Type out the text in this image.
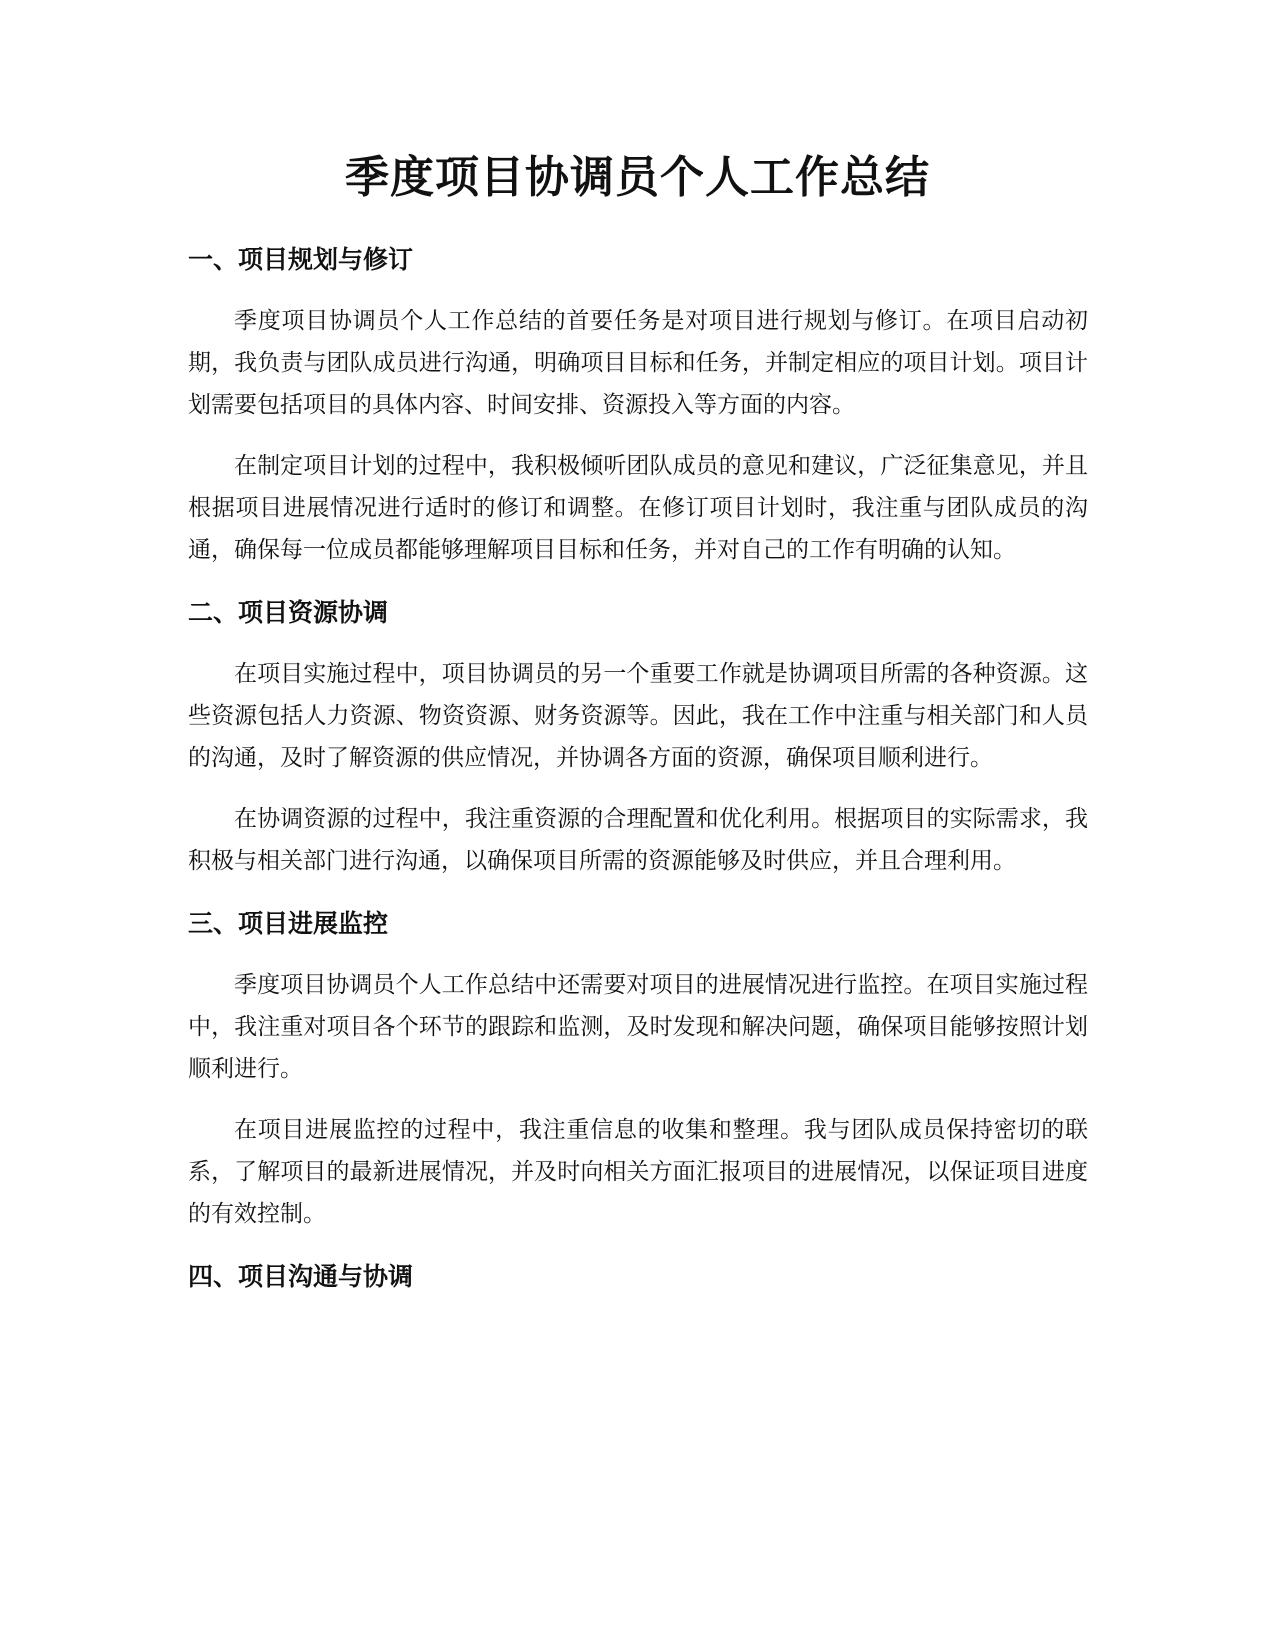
季度项目协调员个人工作总结
一、项目规划与修订

季度项目协调员个人工作总结的首要任务是对项目进行规划与修订。在项目启动初期，我负责与团队成员进行沟通，明确项目目标和任务，并制定相应的项目计划。项目计划需要包括项目的具体内容、时间安排、资源投入等方面的内容。

在制定项目计划的过程中，我积极倾听团队成员的意见和建议，广泛征集意见，并且根据项目进展情况进行适时的修订和调整。在修订项目计划时，我注重与团队成员的沟通，确保每一位成员都能够理解项目目标和任务，并对自己的工作有明确的认知。

二、项目资源协调

在项目实施过程中，项目协调员的另一个重要工作就是协调项目所需的各种资源。这些资源包括人力资源、物资资源、财务资源等。因此，我在工作中注重与相关部门和人员的沟通，及时了解资源的供应情况，并协调各方面的资源，确保项目顺利进行。

在协调资源的过程中，我注重资源的合理配置和优化利用。根据项目的实际需求，我积极与相关部门进行沟通，以确保项目所需的资源能够及时供应，并且合理利用。

三、项目进展监控

季度项目协调员个人工作总结中还需要对项目的进展情况进行监控。在项目实施过程中，我注重对项目各个环节的跟踪和监测，及时发现和解决问题，确保项目能够按照计划顺利进行。

在项目进展监控的过程中，我注重信息的收集和整理。我与团队成员保持密切的联系，了解项目的最新进展情况，并及时向相关方面汇报项目的进展情况，以保证项目进度的有效控制。

四、项目沟通与协调
